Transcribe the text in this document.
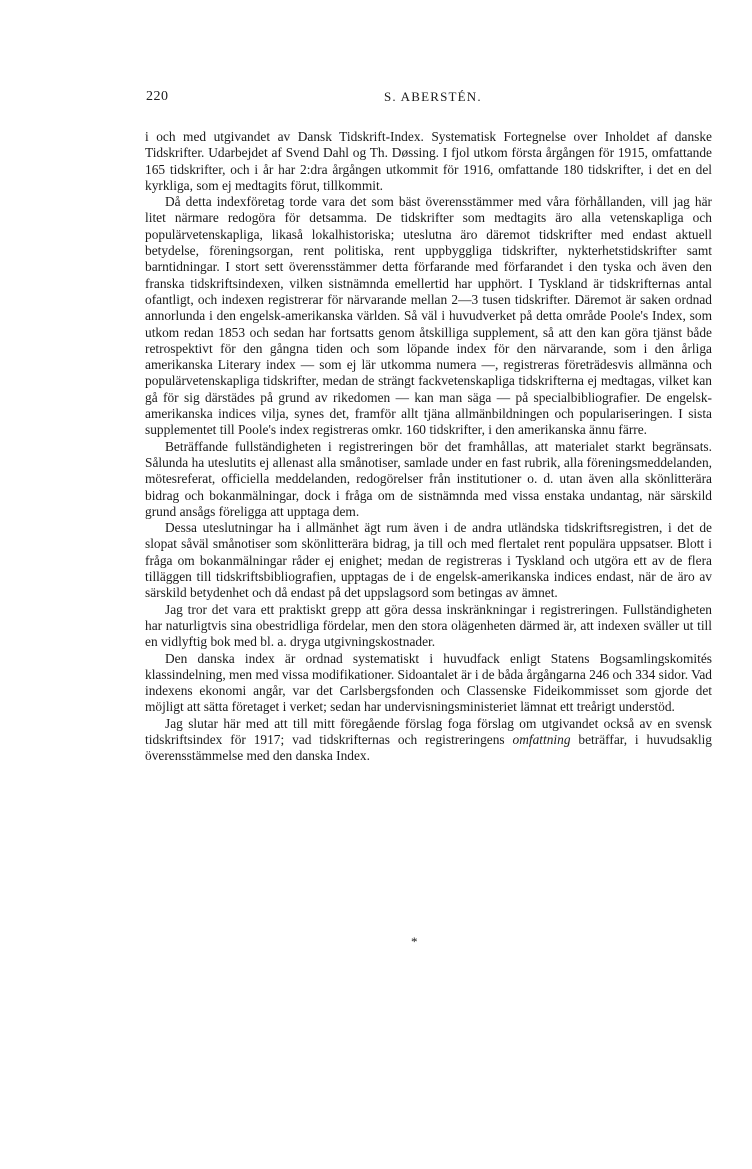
220	S. ABERSTÉN.

i och med utgivandet av Dansk Tidskrift-Index. Systematisk Fortegnelse over Inholdet af danske Tidskrifter. Udarbejdet af Svend Dahl og Th. Døssing. I fjol utkom första årgången för 1915, omfattande 165 tidskrifter, och i år har 2:dra årgången utkommit för 1916, omfattande 180 tidskrifter, i det en del kyrkliga, som ej medtagits förut, tillkommit.

Då detta indexföretag torde vara det som bäst överensstämmer med våra förhållanden, vill jag här litet närmare redogöra för detsamma. De tidskrifter som medtagits äro alla vetenskapliga och populärvetenskapliga, likaså lokalhistoriska; uteslutna äro däremot tidskrifter med endast aktuell betydelse, föreningsorgan, rent politiska, rent uppbyggliga tidskrifter, nykterhetstidskrifter samt barntidningar. I stort sett överensstämmer detta förfarande med förfarandet i den tyska och även den franska tidskriftsindexen, vilken sistnämnda emellertid har upphört. I Tyskland är tidskrifternas antal ofantligt, och indexen registrerar för närvarande mellan 2—3 tusen tidskrifter. Däremot är saken ordnad annorlunda i den engelsk-amerikanska världen. Så väl i huvudverket på detta område Poole's Index, som utkom redan 1853 och sedan har fortsatts genom åtskilliga supplement, så att den kan göra tjänst både retrospektivt för den gångna tiden och som löpande index för den närvarande, som i den årliga amerikanska Literary index — som ej lär utkomma numera —, registreras företrädesvis allmänna och populärvetenskapliga tidskrifter, medan de strängt fackvetenskapliga tidskrifterna ej medtagas, vilket kan gå för sig därstädes på grund av rikedomen — kan man säga — på specialbibliografier. De engelsk-amerikanska indices vilja, synes det, framför allt tjäna allmänbildningen och populariseringen. I sista supplementet till Poole's index registreras omkr. 160 tidskrifter, i den amerikanska ännu färre.

Beträffande fullständigheten i registreringen bör det framhållas, att materialet starkt begränsats. Sålunda ha uteslutits ej allenast alla smånotiser, samlade under en fast rubrik, alla föreningsmeddelanden, mötesreferat, officiella meddelanden, redogörelser från institutioner o. d. utan även alla skönlitterära bidrag och bokanmälningar, dock i fråga om de sistnämnda med vissa enstaka undantag, när särskild grund ansågs föreligga att upptaga dem.

Dessa uteslutningar ha i allmänhet ägt rum även i de andra utländska tidskriftsregistren, i det de slopat såväl smånotiser som skönlitterära bidrag, ja till och med flertalet rent populära uppsatser. Blott i fråga om bokanmälningar råder ej enighet; medan de registreras i Tyskland och utgöra ett av de flera tilläggen till tidskriftsbibliografien, upptagas de i de engelsk-amerikanska indices endast, när de äro av särskild betydenhet och då endast på det uppslagsord som betingas av ämnet.

Jag tror det vara ett praktiskt grepp att göra dessa inskränkningar i registreringen. Fullständigheten har naturligtvis sina obestridliga fördelar, men den stora olägenheten därmed är, att indexen sväller ut till en vidlyftig bok med bl. a. dryga utgivningskostnader.

Den danska index är ordnad systematiskt i huvudfack enligt Statens Bogsamlingskomités klassindelning, men med vissa modifikationer. Sidoantalet är i de båda årgångarna 246 och 334 sidor. Vad indexens ekonomi angår, var det Carlsbergsfonden och Classenske Fideikommisset som gjorde det möjligt att sätta företaget i verket; sedan har undervisningsministeriet lämnat ett treårigt understöd.

Jag slutar här med att till mitt föregående förslag foga förslag om utgivandet också av en svensk tidskriftsindex för 1917; vad tidskrifternas och registreringens omfattning beträffar, i huvudsaklig överensstämmelse med den danska Index.

*
